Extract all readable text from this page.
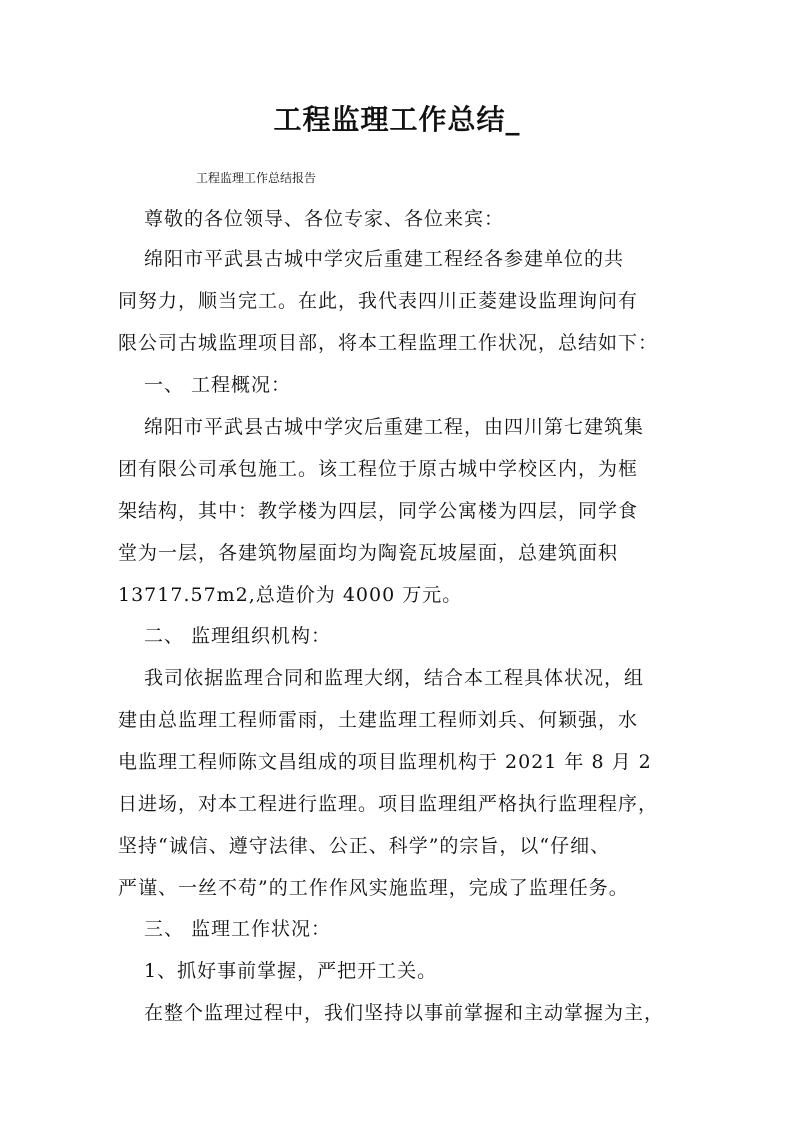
工程监理工作总结_
工程监理工作总结报告
尊敬的各位领导、各位专家、各位来宾：
绵阳市平武县古城中学灾后重建工程经各参建单位的共
同努力，顺当完工。在此，我代表四川正菱建设监理询问有
限公司古城监理项目部，将本工程监理工作状况，总结如下：
一、 工程概况：
绵阳市平武县古城中学灾后重建工程，由四川第七建筑集
团有限公司承包施工。该工程位于原古城中学校区内，为框
架结构，其中：教学楼为四层，同学公寓楼为四层，同学食
堂为一层，各建筑物屋面均为陶瓷瓦坡屋面，总建筑面积
13717.57m2,总造价为 4000 万元。
二、 监理组织机构：
我司依据监理合同和监理大纲，结合本工程具体状况，组
建由总监理工程师雷雨，土建监理工程师刘兵、何颖强，水
电监理工程师陈文昌组成的项目监理机构于 2021 年 8 月 2
日进场，对本工程进行监理。项目监理组严格执行监理程序，
坚持“诚信、遵守法律、公正、科学”的宗旨，以“仔细、
严谨、一丝不苟”的工作作风实施监理，完成了监理任务。
三、 监理工作状况：
1、抓好事前掌握，严把开工关。
在整个监理过程中，我们坚持以事前掌握和主动掌握为主，
